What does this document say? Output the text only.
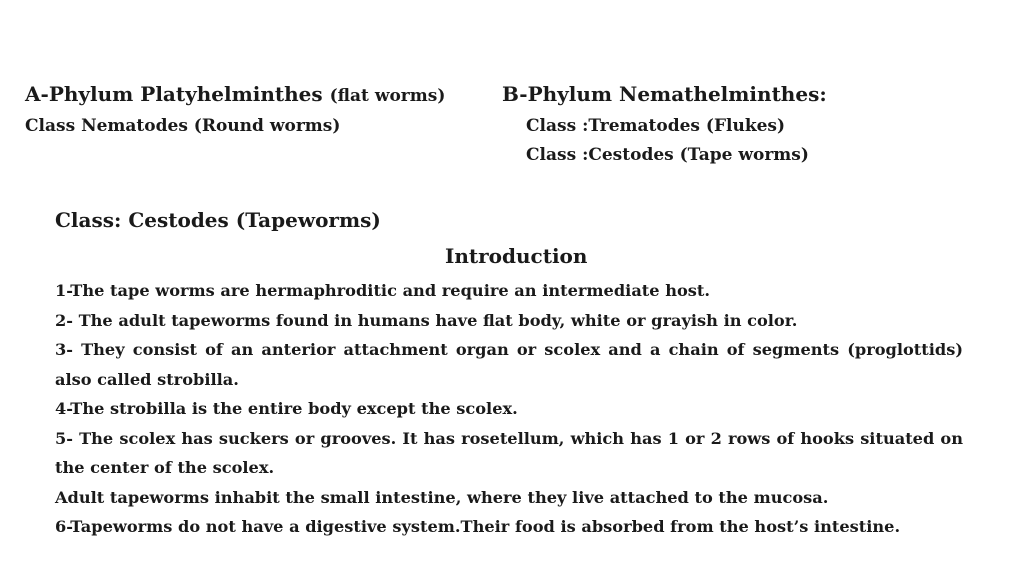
A-Phylum Platyhelminthes (flat worms)
Class Nematodes (Round worms)
B-Phylum Nemathelminthes:
Class :Trematodes (Flukes)
Class :Cestodes (Tape worms)
Class: Cestodes (Tapeworms)
Introduction

1-The tape worms are hermaphroditic and require an intermediate host.

2- The adult tapeworms found in humans have flat body, white or grayish in color.

3- They consist of an anterior attachment organ or scolex and a chain of segments (proglottids) also called strobilla.

4-The strobilla is the entire body except the scolex.

5- The scolex has suckers or grooves. It has rosetellum, which has 1 or 2 rows of hooks situated on the center of the scolex.

Adult tapeworms inhabit the small intestine, where they live attached to the mucosa.

6-Tapeworms do not have a digestive system.Their food is absorbed from the host’s intestine.
